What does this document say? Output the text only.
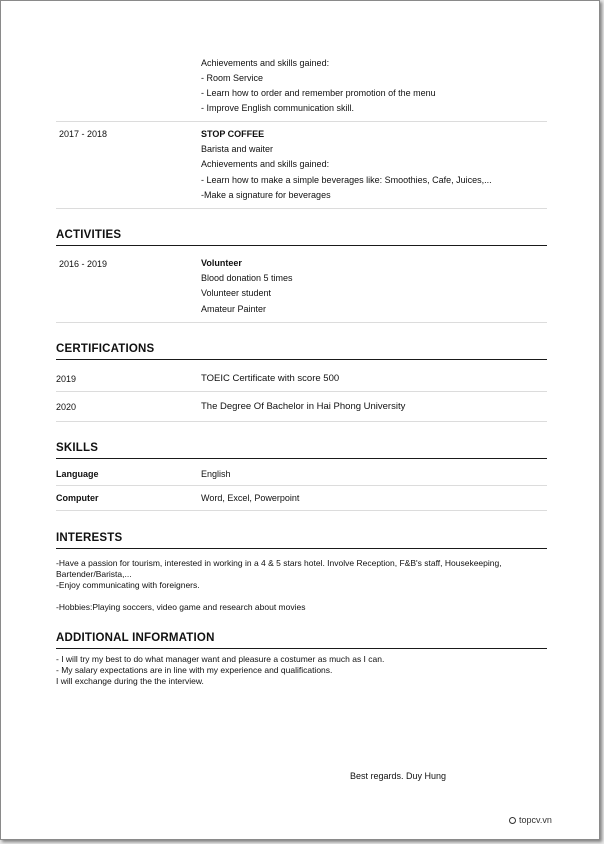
Achievements and skills gained:
- Room Service
- Learn how to order and remember promotion of the menu
- Improve English communication skill.
2017 - 2018	STOP COFFEE
Barista and waiter
Achievements and skills gained:
- Learn how to make a simple beverages like: Smoothies, Cafe, Juices,...
-Make a signature for beverages
ACTIVITIES
2016 - 2019	Volunteer
Blood donation 5 times
Volunteer student
Amateur Painter
CERTIFICATIONS
2019	TOEIC Certificate with score 500
2020	The Degree Of Bachelor in Hai Phong University
SKILLS
Language	English
Computer	Word, Excel, Powerpoint
INTERESTS
-Have a passion for tourism, interested in working in a 4 & 5 stars hotel. Involve Reception, F&B's staff, Housekeeping, Bartender/Barista,...
-Enjoy communicating with foreigners.
-Hobbies:Playing soccers, video game and research about movies
ADDITIONAL INFORMATION
- I will try my best to do what manager want and pleasure a costumer as much as I can.
- My salary expectations are in line with my experience and qualifications.
I will exchange during the the interview.
Best regards. Duy Hung
topcv.vn
